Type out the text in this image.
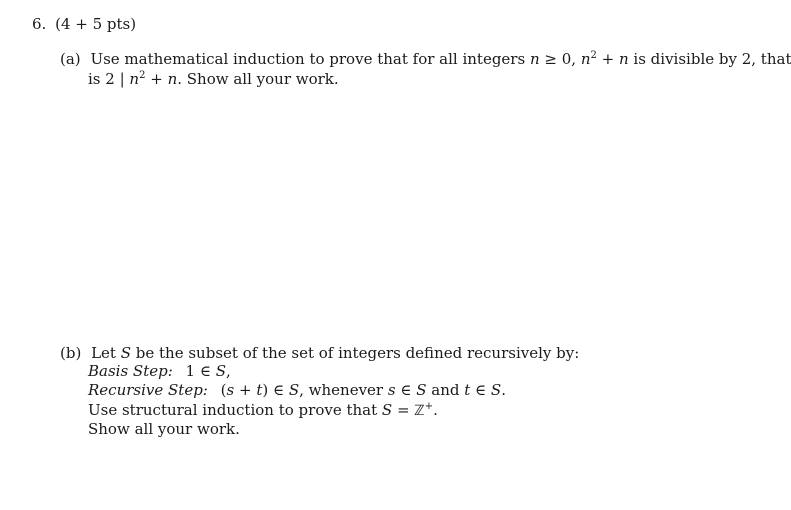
6. (4 + 5 pts)
(a) Use mathematical induction to prove that for all integers n ≥ 0, $n^2 + n$ is divisible by 2, that
is 2 | $n^2 + n$. Show all your work.
(b) Let S be the subset of the set of integers defined recursively by:
Basis Step: 1 ∈ S,
Recursive Step: (s + t) ∈ S, whenever s ∈ S and t ∈ S.
Use structural induction to prove that S = ℤ+.
Show all your work.
